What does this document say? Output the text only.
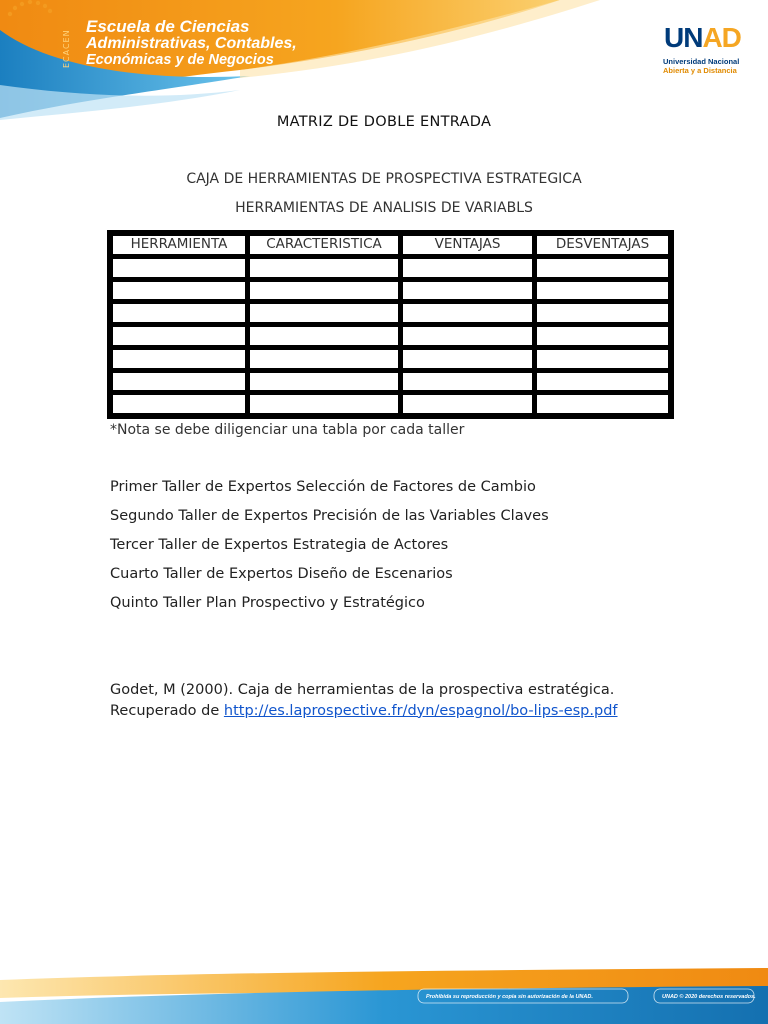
ECACEN
Escuela de Ciencias
Administrativas, Contables,
Económicas y de Negocios
UNAD
Universidad Nacional
Abierta y a Distancia
MATRIZ DE DOBLE ENTRADA
CAJA DE HERRAMIENTAS DE PROSPECTIVA ESTRATEGICA
HERRAMIENTAS DE ANALISIS DE VARIABLS
HERRAMIENTA	CARACTERISTICA	VENTAJAS	DESVENTAJAS

*Nota se debe diligenciar una tabla por cada taller
Primer Taller de Expertos Selección de Factores de Cambio
Segundo Taller de Expertos Precisión de las Variables Claves
Tercer Taller de Expertos Estrategia de Actores
Cuarto Taller de Expertos Diseño de Escenarios
Quinto Taller Plan Prospectivo y Estratégico
Godet, M (2000). Caja de herramientas de la prospectiva estratégica. Recuperado de http://es.laprospective.fr/dyn/espagnol/bo-lips-esp.pdf
Prohibida su reproducción y copia sin autorización de la UNAD.	UNAD © 2020 derechos reservados.
